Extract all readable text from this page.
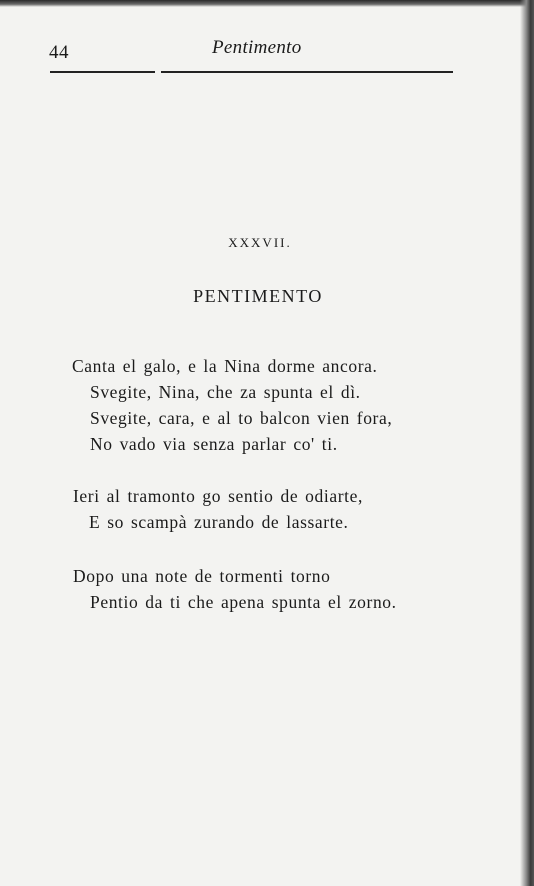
44	Pentimento
XXXVII.
PENTIMENTO
Canta el galo, e la Nina dorme ancora.
Svegite, Nina, che za spunta el dì.
Svegite, cara, e al to balcon vien fora,
No vado via senza parlar co' ti.
Ieri al tramonto go sentio de odiarte,
E so scampà zurando de lassarte.
Dopo una note de tormenti torno
Pentio da ti che apena spunta el zorno.
